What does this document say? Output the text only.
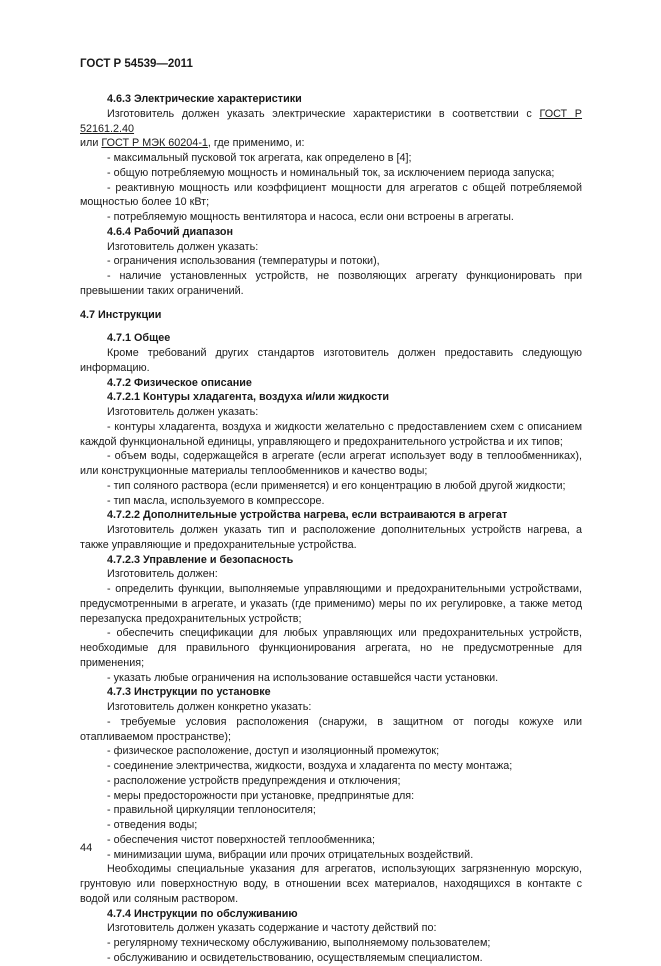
ГОСТ Р 54539—2011

4.6.3 Электрические характеристики

Изготовитель должен указать электрические характеристики в соответствии с ГОСТ Р 52161.2.40
или ГОСТ Р МЭК 60204-1, где применимо, и:

- максимальный пусковой ток агрегата, как определено в [4];

- общую потребляемую мощность и номинальный ток, за исключением периода запуска;

- реактивную мощность или коэффициент мощности для агрегатов с общей потребляемой мощностью более 10 кВт;

- потребляемую мощность вентилятора и насоса, если они встроены в агрегаты.

4.6.4 Рабочий диапазон

Изготовитель должен указать:

- ограничения использования (температуры и потоки),

- наличие установленных устройств, не позволяющих агрегату функционировать при превышении таких ограничений.

4.7 Инструкции

4.7.1 Общее

Кроме требований других стандартов изготовитель должен предоставить следующую информацию.

4.7.2 Физическое описание

4.7.2.1 Контуры хладагента, воздуха и/или жидкости

Изготовитель должен указать:

- контуры хладагента, воздуха и жидкости желательно с предоставлением схем с описанием каждой функциональной единицы, управляющего и предохранительного устройства и их типов;

- объем воды, содержащейся в агрегате (если агрегат использует воду в теплообменниках), или конструкционные материалы теплообменников и качество воды;

- тип соляного раствора (если применяется) и его концентрацию в любой другой жидкости;

- тип масла, используемого в компрессоре.

4.7.2.2 Дополнительные устройства нагрева, если встраиваются в агрегат

Изготовитель должен указать тип и расположение дополнительных устройств нагрева, а также управляющие и предохранительные устройства.

4.7.2.3 Управление и безопасность

Изготовитель должен:

- определить функции, выполняемые управляющими и предохранительными устройствами, предусмотренными в агрегате, и указать (где применимо) меры по их регулировке, а также метод перезапуска предохранительных устройств;

- обеспечить спецификации для любых управляющих или предохранительных устройств, необходимые для правильного функционирования агрегата, но не предусмотренные для применения;

- указать любые ограничения на использование оставшейся части установки.

4.7.3 Инструкции по установке

Изготовитель должен конкретно указать:

- требуемые условия расположения (снаружи, в защитном от погоды кожухе или отапливаемом пространстве);

- физическое расположение, доступ и изоляционный промежуток;

- соединение электричества, жидкости, воздуха и хладагента по месту монтажа;

- расположение устройств предупреждения и отключения;

- меры предосторожности при установке, предпринятые для:

- правильной циркуляции теплоносителя;

- отведения воды;

- обеспечения чистот поверхностей теплообменника;

- минимизации шума, вибрации или прочих отрицательных воздействий.

Необходимы специальные указания для агрегатов, использующих загрязненную морскую, грунтовую или поверхностную воду, в отношении всех материалов, находящихся в контакте с водой или соляным раствором.

4.7.4 Инструкции по обслуживанию

Изготовитель должен указать содержание и частоту действий по:

- регулярному техническому обслуживанию, выполняемому пользователем;

- обслуживанию и освидетельствованию, осуществляемым специалистом.

44
